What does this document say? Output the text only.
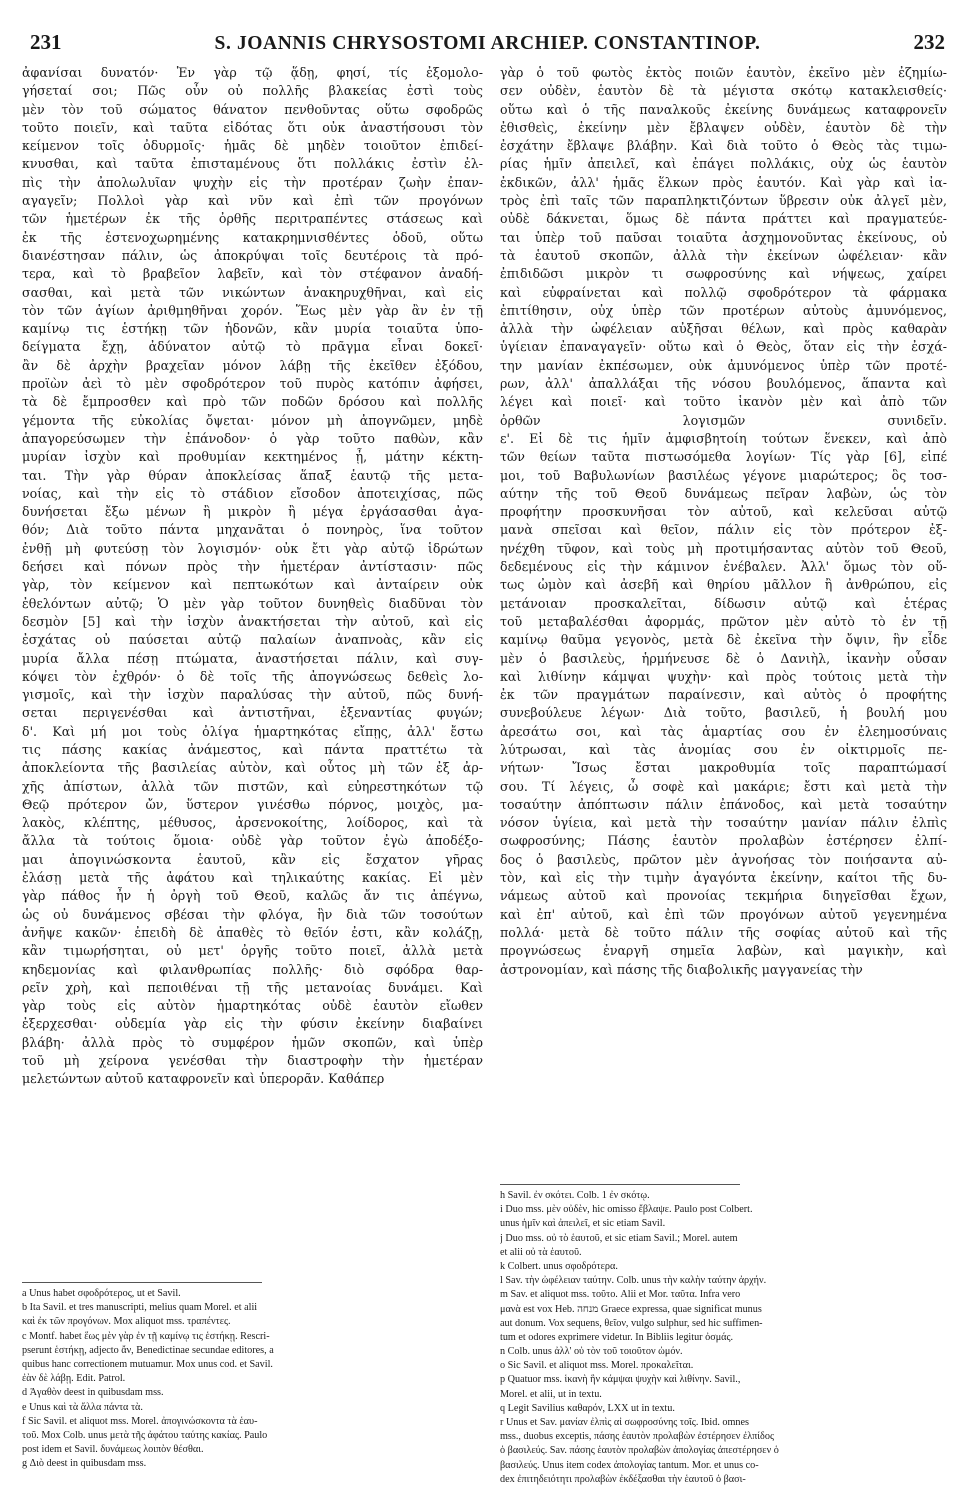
231	S. JOANNIS CHRYSOSTOMI ARCHIEP. CONSTANTINOP.	232
ἀφανίσαι δυνατόν· Ἐν γὰρ τῷ ᾅδῃ, φησί, τίς ἐξομολο-
γήσεταί σοι; Πῶς οὖν οὐ πολλῆς βλακείας ἐστὶ τοὺς
μὲν τὸν τοῦ σώματος θάνατον πενθοῦντας οὕτω σφοδρῶς
τοῦτο ποιεῖν, καὶ ταῦτα εἰδότας ὅτι οὐκ ἀναστήσουσι τὸν
κείμενον τοῖς ὀδυρμοῖς· ἡμᾶς δὲ μηδὲν τοιοῦτον ἐπιδεί-
κνυσθαι, καὶ ταῦτα ἐπισταμένους ὅτι πολλάκις ἐστὶν ἐλ-
πὶς τὴν ἀπολωλυῖαν ψυχὴν εἰς τὴν προτέραν ζωὴν ἐπαν-
αγαγεῖν; Πολλοὶ γὰρ καὶ νῦν καὶ ἐπὶ τῶν προγόνων
τῶν ἡμετέρων ἐκ τῆς ὀρθῆς περιτραπέντες στάσεως καὶ
ἐκ τῆς ἐστενοχωρημένης κατακρημνισθέντες ὁδοῦ, οὕτω
διανέστησαν πάλιν, ὡς ἀποκρύψαι τοῖς δευτέροις τὰ πρό-
τερα, καὶ τὸ βραβεῖον λαβεῖν, καὶ τὸν στέφανον ἀναδή-
σασθαι, καὶ μετὰ τῶν νικώντων ἀνακηρυχθῆναι, καὶ εἰς
τὸν τῶν ἁγίων ἀριθμηθῆναι χορόν. Ἕως μὲν γὰρ ἂν ἐν τῇ
καμίνῳ τις ἑστήκῃ τῶν ἡδονῶν, κἂν μυρία τοιαῦτα ὑπο-
δείγματα ἔχῃ, ἀδύνατον αὐτῷ τὸ πρᾶγμα εἶναι δοκεῖ·
ἂν δὲ ἀρχὴν βραχεῖαν μόνον λάβῃ τῆς ἐκεῖθεν ἐξόδου,
προϊὼν ἀεὶ τὸ μὲν σφοδρότερον τοῦ πυρὸς κατόπιν ἀφήσει,
τὰ δὲ ἔμπροσθεν καὶ πρὸ τῶν ποδῶν δρόσου καὶ πολλῆς
γέμοντα τῆς εὐκολίας ὄψεται· μόνον μὴ ἀπογνῶμεν, μηδὲ
ἀπαγορεύσωμεν τὴν ἐπάνοδον· ὁ γὰρ τοῦτο παθὼν, κἂν
μυρίαν ἰσχὺν καὶ προθυμίαν κεκτημένος ᾖ, μάτην κέκτη-
ται. Τὴν γὰρ θύραν ἀποκλείσας ἅπαξ ἑαυτῷ τῆς μετα-
νοίας, καὶ τὴν εἰς τὸ στάδιον εἴσοδον ἀποτειχίσας, πῶς
δυνήσεται ἔξω μένων ἢ μικρὸν ἢ μέγα ἐργάσασθαι ἀγα-
θόν; Διὰ τοῦτο πάντα μηχανᾶται ὁ πονηρὸς, ἵνα τοῦτον
ἐνθῇ μὴ φυτεύσῃ τὸν λογισμόν· οὐκ ἔτι γὰρ αὐτῷ ἱδρώτων
δεήσει καὶ πόνων πρὸς τὴν ἡμετέραν ἀντίστασιν· πῶς
γὰρ, τὸν κείμενον καὶ πεπτωκότων καὶ ἀνταίρειν οὐκ
ἐθελόντων αὐτῷ; Ὁ μὲν γὰρ τοῦτον δυνηθεὶς διαδῦναι τὸν
δεσμὸν [5] καὶ τὴν ἰσχὺν ἀνακτήσεται τὴν αὐτοῦ, καὶ εἰς
ἐσχάτας οὐ παύσεται αὐτῷ παλαίων ἀναπνοὰς, κἂν εἰς
μυρία ἄλλα πέσῃ πτώματα, ἀναστήσεται πάλιν, καὶ συγ-
κόψει τὸν ἐχθρόν· ὁ δὲ τοῖς τῆς ἀπογνώσεως δεθεὶς λο-
γισμοῖς, καὶ τὴν ἰσχὺν παραλύσας τὴν αὐτοῦ, πῶς δυνή-
σεται περιγενέσθαι καὶ ἀντιστῆναι, ἐξεναντίας φυγών;
δ'. Καὶ μή μοι τοὺς ὀλίγα ἡμαρτηκότας εἴπῃς, ἀλλ' ἔστω
τις πάσης κακίας ἀνάμεστος, καὶ πάντα πραττέτω τὰ
ἀποκλείοντα τῆς βασιλείας αὐτὸν, καὶ οὗτος μὴ τῶν ἐξ ἀρ-
χῆς ἀπίστων, ἀλλὰ τῶν πιστῶν, καὶ εὐηρεστηκότων τῷ
Θεῷ πρότερον ὤν, ὕστερον γινέσθω πόρνος, μοιχὸς, μα-
λακὸς, κλέπτης, μέθυσος, ἀρσενοκοίτης, λοίδορος, καὶ τὰ
ἄλλα τὰ τούτοις ὅμοια· οὐδὲ γὰρ τοῦτον ἐγὼ ἀποδέξο-
μαι ἀπογινώσκοντα ἑαυτοῦ, κἂν εἰς ἔσχατον γῆρας
ἐλάσῃ μετὰ τῆς ἀφάτου καὶ τηλικαύτης κακίας. Εἰ μὲν
γὰρ πάθος ἦν ἡ ὀργὴ τοῦ Θεοῦ, καλῶς ἄν τις ἀπέγνω,
ὡς οὐ δυνάμενος σβέσαι τὴν φλόγα, ἣν διὰ τῶν τοσούτων
ἀνῆψε κακῶν· ἐπειδὴ δὲ ἀπαθὲς τὸ θεῖόν ἐστι, κἂν κολάζῃ,
κἂν τιμωρήσηται, οὐ μετ' ὀργῆς τοῦτο ποιεῖ, ἀλλὰ μετὰ
κηδεμονίας καὶ φιλανθρωπίας πολλῆς· διὸ σφόδρα θαρ-
ρεῖν χρὴ, καὶ πεποιθέναι τῇ τῆς μετανοίας δυνάμει. Καὶ
γὰρ τοὺς εἰς αὐτὸν ἡμαρτηκότας οὐδὲ ἑαυτὸν εἴωθεν
ἐξερχεσθαι· οὐδεμία γὰρ εἰς τὴν φύσιν ἐκείνην διαβαίνει
βλάβη· ἀλλὰ πρὸς τὸ συμφέρον ἡμῶν σκοπῶν, καὶ ὑπὲρ
τοῦ μὴ χείρονα γενέσθαι τὴν διαστροφὴν τὴν ἡμετέραν
μελετώντων αὐτοῦ καταφρονεῖν καὶ ὑπερορᾶν. Καθάπερ
γὰρ ὁ τοῦ φωτὸς ἐκτὸς ποιῶν ἑαυτὸν, ἐκεῖνο μὲν ἐζημίω-
σεν οὐδὲν, ἑαυτὸν δὲ τὰ μέγιστα σκότῳ κατακλεισθείς·
οὕτω καὶ ὁ τῆς παναλκοῦς ἐκείνης δυνάμεως καταφρονεῖν
ἐθισθεὶς, ἐκείνην μὲν ἔβλαψεν οὐδὲν, ἑαυτὸν δὲ τὴν
ἐσχάτην ἔβλαψε βλάβην. Καὶ διὰ τοῦτο ὁ Θεὸς τὰς τιμω-
ρίας ἡμῖν ἀπειλεῖ, καὶ ἐπάγει πολλάκις, οὐχ ὡς ἑαυτὸν
ἐκδικῶν, ἀλλ' ἡμᾶς ἕλκων πρὸς ἑαυτόν. Καὶ γὰρ καὶ ἰα-
τρὸς ἐπὶ ταῖς τῶν παραπληκτιζόντων ὕβρεσιν οὐκ ἀλγεῖ μὲν,
οὐδὲ δάκνεται, ὅμως δὲ πάντα πράττει καὶ πραγματεύε-
ται ὑπὲρ τοῦ παῦσαι τοιαῦτα ἀσχημονοῦντας ἐκείνους, οὐ
τὰ ἑαυτοῦ σκοπῶν, ἀλλὰ τὴν ἐκείνων ὠφέλειαν· κἂν
ἐπιδιδῶσι μικρὸν τι σωφροσύνης καὶ νήψεως, χαίρει
καὶ εὐφραίνεται καὶ πολλῷ σφοδρότερον τὰ φάρμακα
ἐπιτίθησιν, οὐχ ὑπὲρ τῶν προτέρων αὐτοὺς ἀμυνόμενος,
ἀλλὰ τὴν ὠφέλειαν αὐξῆσαι θέλων, καὶ πρὸς καθαρὰν
ὑγίειαν ἐπαναγαγεῖν· οὕτω καὶ ὁ Θεὸς, ὅταν εἰς τὴν ἐσχά-
την μανίαν ἐκπέσωμεν, οὐκ ἀμυνόμενος ὑπὲρ τῶν προτέ-
ρων, ἀλλ' ἀπαλλάξαι τῆς νόσου βουλόμενος, ἅπαντα καὶ
λέγει καὶ ποιεῖ· καὶ τοῦτο ἱκανὸν μὲν καὶ ἀπὸ τῶν
ὀρθῶν λογισμῶν συνιδεῖν.
ε'. Εἰ δὲ τις ἡμῖν ἀμφισβητοίη τούτων ἕνεκεν, καὶ ἀπὸ
τῶν θείων ταῦτα πιστωσόμεθα λογίων· Τίς γὰρ [6], εἰπέ
μοι, τοῦ Βαβυλωνίων βασιλέως γέγονε μιαρώτερος; ὃς τοσ-
αύτην τῆς τοῦ Θεοῦ δυνάμεως πεῖραν λαβὼν, ὡς τὸν
προφήτην προσκυνῆσαι τὸν αὐτοῦ, καὶ κελεῦσαι αὐτῷ
μανὰ σπεῖσαι καὶ θεῖον, πάλιν εἰς τὸν πρότερον ἐξ-
ηνέχθη τῦφον, καὶ τοὺς μὴ προτιμήσαντας αὐτὸν τοῦ Θεοῦ,
δεδεμένους εἰς τὴν κάμινον ἐνέβαλεν. Ἀλλ' ὅμως τὸν οὕ-
τως ὠμὸν καὶ ἀσεβῆ καὶ θηρίου μᾶλλον ἢ ἀνθρώπου, εἰς
μετάνοιαν προσκαλεῖται, δίδωσιν αὐτῷ καὶ ἑτέρας
τοῦ μεταβαλέσθαι ἀφορμάς, πρῶτον μὲν αὐτὸ τὸ ἐν τῇ
καμίνῳ θαῦμα γεγονὸς, μετὰ δὲ ἐκεῖνα τὴν ὄψιν, ἣν εἶδε
μὲν ὁ βασιλεὺς, ἡρμήνευσε δὲ ὁ Δανιὴλ, ἱκανὴν οὖσαν
καὶ λιθίνην κάμψαι ψυχὴν· καὶ πρὸς τούτοις μετὰ τὴν
ἐκ τῶν πραγμάτων παραίνεσιν, καὶ αὐτὸς ὁ προφήτης
συνεβούλευε λέγων· Διὰ τοῦτο, βασιλεῦ, ἡ βουλή μου
ἀρεσάτω σοι, καὶ τὰς ἁμαρτίας σου ἐν ἐλεημοσύναις
λύτρωσαι, καὶ τὰς ἀνομίας σου ἐν οἰκτιρμοῖς πε-
νήτων· Ἴσως ἔσται μακροθυμία τοῖς παραπτώμασί
σου. Τί λέγεις, ὦ σοφὲ καὶ μακάριε; ἔστι καὶ μετὰ τὴν
τοσαύτην ἀπόπτωσιν πάλιν ἐπάνοδος, καὶ μετὰ τοσαύτην
νόσον ὑγίεια, καὶ μετὰ τὴν τοσαύτην μανίαν πάλιν ἐλπὶς
σωφροσύνης; Πάσης ἑαυτὸν προλαβὼν ἐστέρησεν ἐλπί-
δος ὁ βασιλεὺς, πρῶτον μὲν ἀγνοήσας τὸν ποιήσαντα αὐ-
τὸν, καὶ εἰς τὴν τιμὴν ἀγαγόντα ἐκείνην, καίτοι τῆς δυ-
νάμεως αὐτοῦ καὶ προνοίας τεκμήρια διηγεῖσθαι ἔχων,
καὶ ἐπ' αὐτοῦ, καὶ ἐπὶ τῶν προγόνων αὐτοῦ γεγενημένα
πολλά· μετὰ δὲ τοῦτο πάλιν τῆς σοφίας αὐτοῦ καὶ τῆς
προγνώσεως ἐναργῆ σημεῖα λαβὼν, καὶ μαγικὴν, καὶ
ἀστρονομίαν, καὶ πάσης τῆς διαβολικῆς μαγγανείας τὴν
a Unus habet σφοδρότερος, ut et Savil.
b Ita Savil. et tres manuscripti, melius quam Morel. et alii
καὶ ἐκ τῶν προγόνων. Mox aliquot mss. τραπέντες.
c Montf. habet ἕως μὲν γὰρ ἐν τῇ καμίνῳ τις ἑστήκῃ. Rescri-
pserunt ἑστήκῃ, adjecto ἄν, Benedictinae secundae editores, a
quibus hanc correctionem mutuamur. Mox unus cod. et Savil.
ἐὰν δὲ λάβῃ. Edit. Patrol.
d Ἀγαθὸν deest in quibusdam mss.
e Unus καὶ τὰ ἄλλα πάντα τὰ.
f Sic Savil. et aliquot mss. Morel. ἀπογινώσκοντα τὰ ἑαυ-
τοῦ. Mox Colb. unus μετὰ τῆς ἀφάτου ταύτης κακίας. Paulo
post idem et Savil. δυνάμεως λοιπὸν θέσθαι.
g Διὸ deest in quibusdam mss.
h Savil. ἐν σκότει. Colb. 1 ἐν σκότῳ.
i Duo mss. μὲν οὐδὲν, hic omisso ἔβλαψε. Paulo post Colbert.
unus ἡμῖν καὶ ἀπειλεῖ, et sic etiam Savil.
j Duo mss. οὐ τὸ ἑαυτοῦ, et sic etiam Savil.; Morel. autem
et alii οὐ τὰ ἑαυτοῦ.
k Colbert. unus σφοδρότερα.
l Sav. τὴν ὠφέλειαν ταύτην. Colb. unus τὴν καλὴν ταύτην ἀρχήν.
m Sav. et aliquot mss. τοῦτο. Alii et Mor. ταῦτα. Infra vero
μανὰ est vox Heb. מנחה Graece expressa, quae significat munus
aut donum. Vox sequens, θεῖον, vulgo sulphur, sed hic suffimen-
tum et odores exprimere videtur. In Bibliis legitur ὀσμάς.
n Colb. unus ἀλλ' οὐ τὸν τοῦ τοιοῦτον ὠμόν.
o Sic Savil. et aliquot mss. Morel. προκαλεῖται.
p Quatuor mss. ἱκανὴ ἣν κάμψαι ψυχὴν καὶ λιθίνην. Savil.,
Morel. et alii, ut in textu.
q Legit Savilius καθαρόν, LXX ut in textu.
r Unus et Sav. μανίαν ἐλπὶς αἰ σωφροσύνης τοῖς. Ibid. omnes
mss., duobus exceptis, πάσης ἑαυτὸν προλαβὼν ἐστέρησεν ἐλπίδος
ὁ βασιλεύς. Sav. πάσης ἑαυτὸν προλαβὼν ἀπολογίας ἀπεστέρησεν ὁ
βασιλεύς. Unus item codex ἀπολογίας tantum. Mor. et unus co-
dex ἐπιτηδειότητι προλαβὼν ἐκδέξασθαι τὴν ἑαυτοῦ ὁ βασι-
